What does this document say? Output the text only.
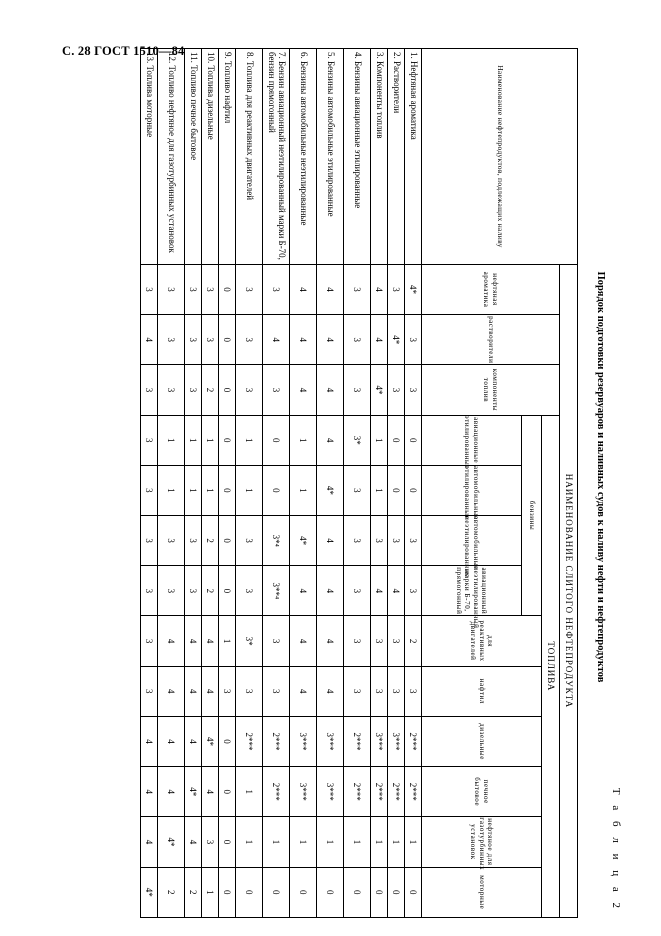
С. 28 ГОСТ 1510—84
Т а б л и ц а 2
Порядок подготовки резервуаров и наливных судов к наливу нефти и нефтепродуктов
Наименование нефтепродуктов, подлежащих наливу	НАИМЕНОВАНИЕ СЛИТОГО НЕФТЕПРОДУКТА												
	нефтяная ароматика	растворители	компоненты топлив	ТОПЛИВА									
				бензины				для реактивных двигателей	нафтил	дизельные	печное бытовое	нефтяное для газотурбинных установок	моторные
				авиационные этилированные	автомобильные этилированные	автомобильные неэтилированные	авиационный неэтилированный марки Б-70, прямогонный						
1. Нефтяная ароматика	4*	3	3	0	0	3	3	2	3	2***	2***	1	0
2. Растворители	3	4*	3	0	0	3	4	3	3	3***	2***	1	0
3. Компоненты топлив	4	4	4*	1	1	3	4	3	3	3***	2***	1	0
4. Бензины авиационные этилированные	3	3	3	3*	3	3	3	3	3	2***	2***	1	0
5. Бензины автомобильные этилированные	4	4	4	4	4*	4	4	4	4	3***	3***	1	0
6. Бензины автомобильные неэтилированные	4	4	4	1	1	4*	4	4	4	3***	3***	1	0
7. Бензин авиационный неэтилированный марки Б-70, бензин прямогонный	3	4	3	0	0	3*⁴	3**⁴	3	3	2***	2***	1	0
8. Топлива для реактивных двигателей	3	3	3	1	1	3	3	3*	3	2***	1	1	0
9. Топливо нафтил	0	0	0	0	0	0	0	1	3	0	0	0	0
10. Топлива дизельные	3	3	2	1	1	2	2	4	4	4*	4	3	1
11. Топливо печное бытовое	3	3	3	1	1	3	3	4	4	4	4*	4	2
12. Топливо нефтяное для газотурбинных установок	3	3	3	1	1	3	3	4	4	4	4	4*	2
13. Топлива моторные	3	4	3	3	3	3	3	3	3	4	4	4	4*
